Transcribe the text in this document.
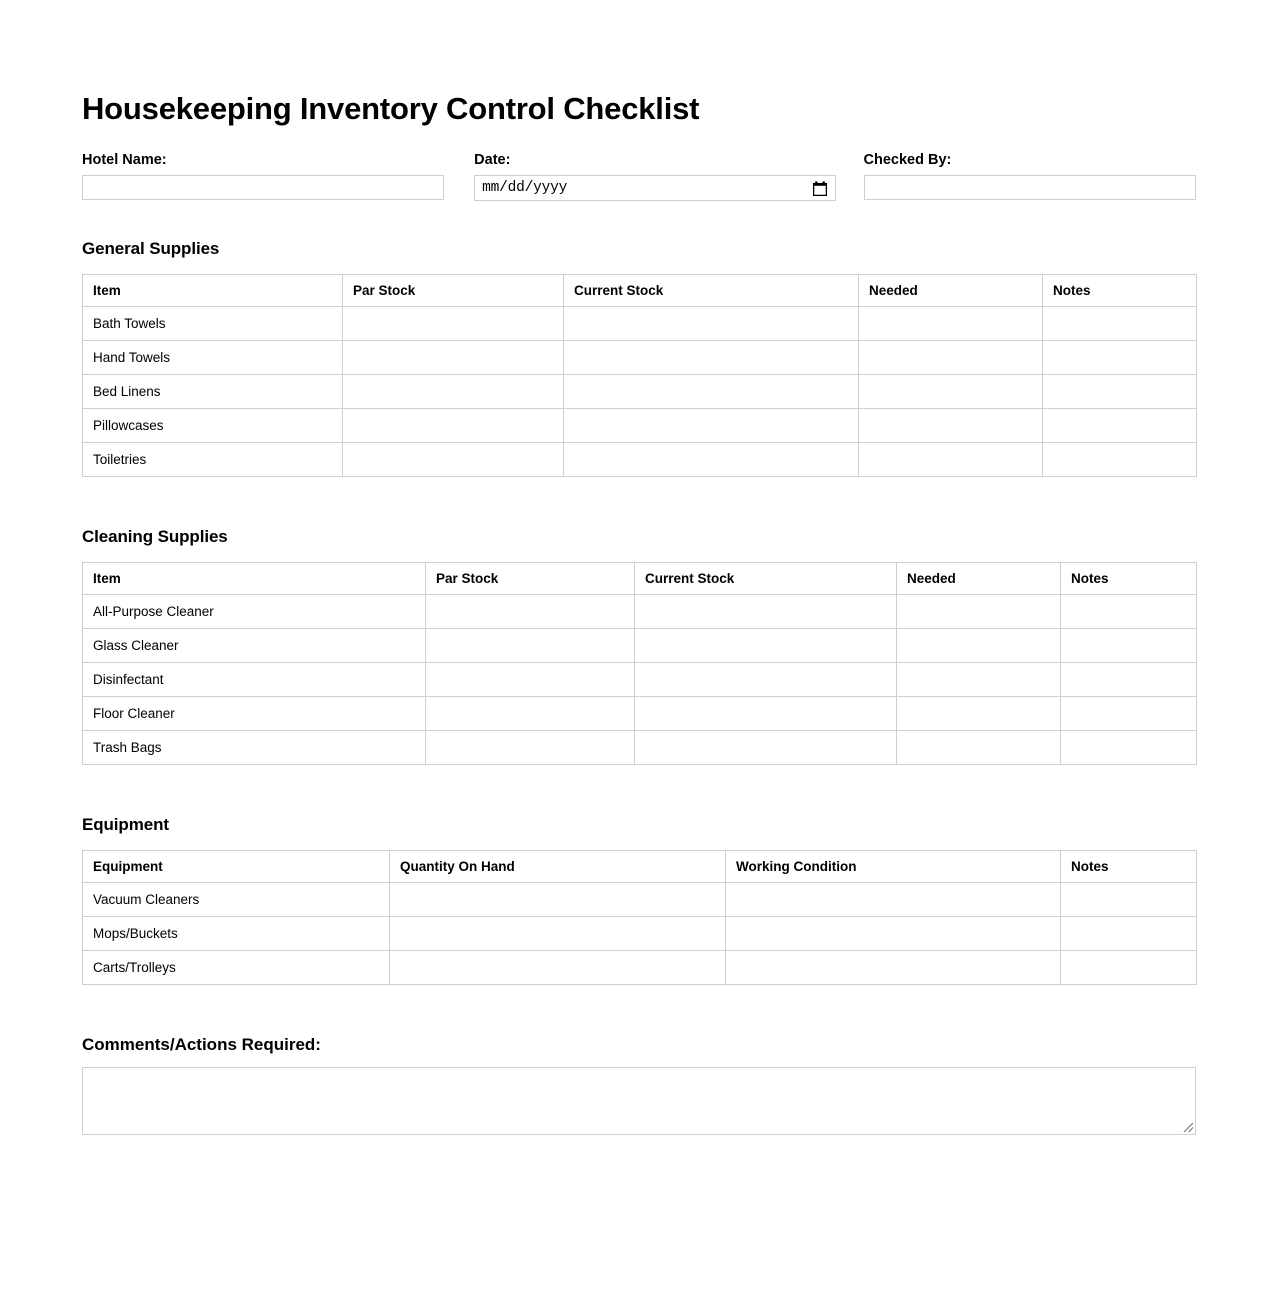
Housekeeping Inventory Control Checklist
Hotel Name:	Date:
mm/dd/yyyy
Checked By:
General Supplies
Item	Par Stock	Current Stock	Needed	Notes
Bath Towels				
Hand Towels				
Bed Linens				
Pillowcases				
Toiletries				
Cleaning Supplies
Item	Par Stock	Current Stock	Needed	Notes
All-Purpose Cleaner				
Glass Cleaner				
Disinfectant				
Floor Cleaner				
Trash Bags				
Equipment
Equipment	Quantity On Hand	Working Condition	Notes
Vacuum Cleaners			
Mops/Buckets			
Carts/Trolleys			
Comments/Actions Required:
